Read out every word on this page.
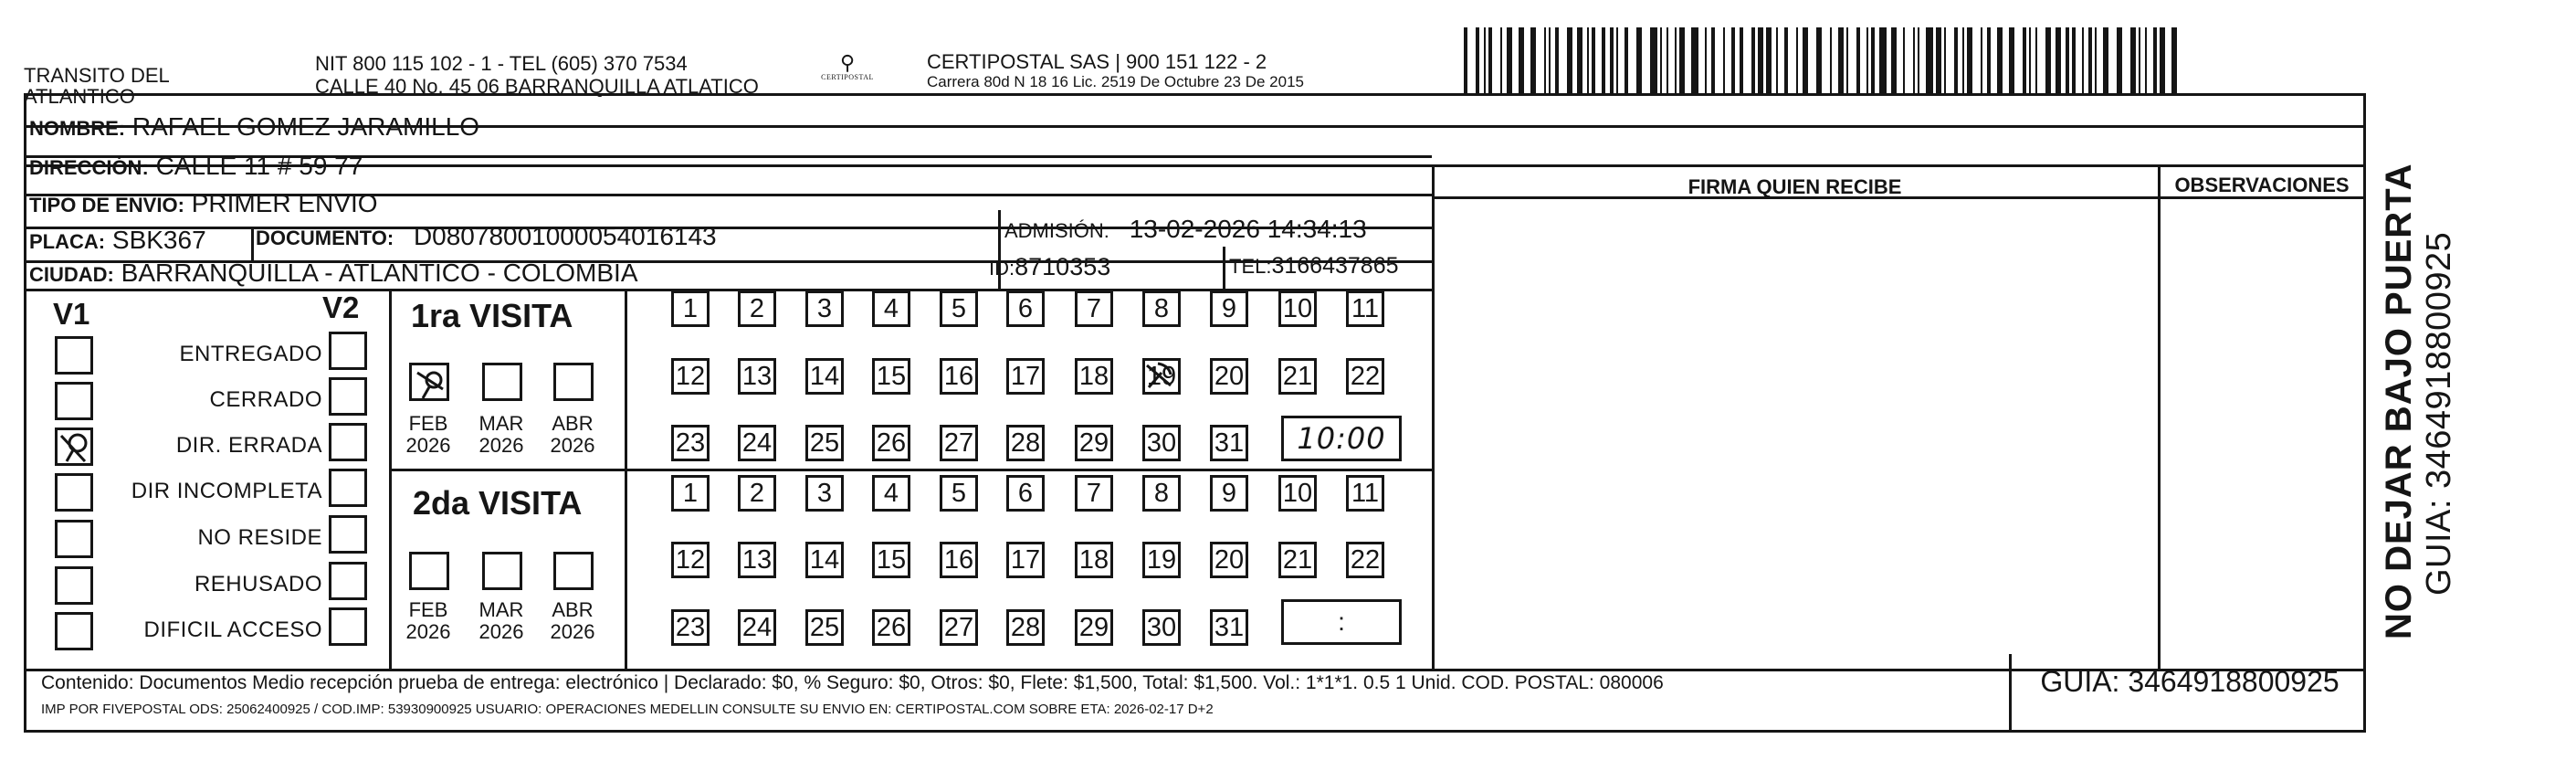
TRANSITO DEL
ATLANTICO
NIT 800 115 102 - 1 - TEL (605) 370 7534
CALLE 40 No. 45 06 BARRANQUILLA ATLATICO
⚲
CERTIPOSTAL
CERTIPOSTAL SAS | 900 151 122 - 2
Carrera 80d N 18 16 Lic. 2519 De Octubre 23 De 2015
NOMBRE: RAFAEL GOMEZ JARAMILLO
DIRECCIÓN: CALLE 11 # 59 77
TIPO DE ENVIO: PRIMER ENVIO
PLACA: SBK367 DOCUMENTO: D08078001000054016143	ADMISIÓN: 13-02-2026 14:34:13
CIUDAD: BARRANQUILLA - ATLANTICO - COLOMBIA	ID:8710353	TEL:3166437865
FIRMA QUIEN RECIBE	OBSERVACIONES
V1	V2
ENTREGADO
CERRADO
DIR. ERRADA
DIR INCOMPLETA
NO RESIDE
REHUSADO
DIFICIL ACCESO
1ra VISITA
2da VISITA
FEB
2026
MAR
2026
ABR
2026
FEB
2026
MAR
2026
ABR
2026
1 2 3 4 5 6 7 8 9 10 11
12 13 14 15 16 17 18 19 20 21 22
23 24 25 26 27 28 29 30 31
1 2 3 4 5 6 7 8 9 10 11
12 13 14 15 16 17 18 19 20 21 22
23 24 25 26 27 28 29 30 31
10:00
:
Contenido: Documentos Medio recepción prueba de entrega: electrónico | Declarado: $0, % Seguro: $0, Otros: $0, Flete: $1,500, Total: $1,500. Vol.: 1*1*1. 0.5 1 Unid. COD. POSTAL: 080006
IMP POR FIVEPOSTAL ODS: 25062400925 / COD.IMP: 53930900925 USUARIO: OPERACIONES MEDELLIN CONSULTE SU ENVIO EN: CERTIPOSTAL.COM SOBRE ETA: 2026-02-17 D+2
GUIA: 3464918800925
NO DEJAR BAJO PUERTA GUIA: 3464918800925
